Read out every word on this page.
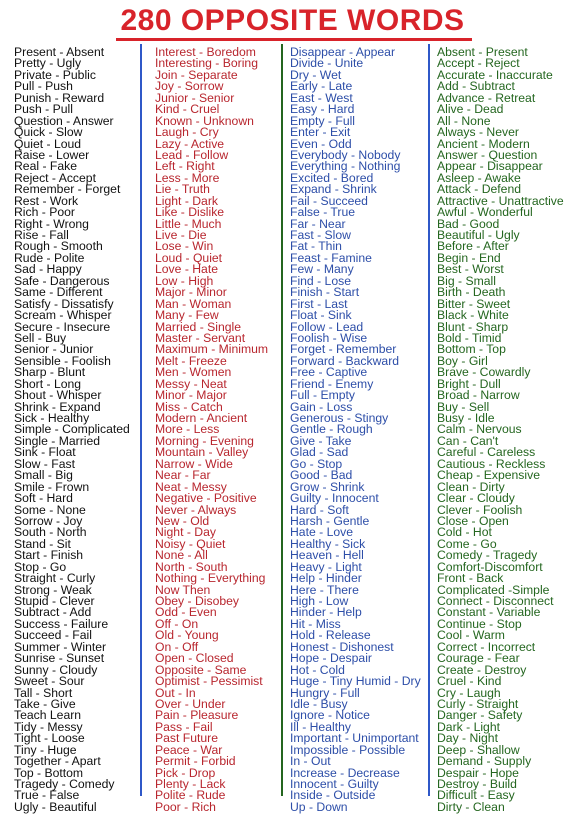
280 OPPOSITE WORDS
Present - Absent
Pretty - Ugly
Private - Public
Pull - Push
Punish - Reward
Push - Pull
Question - Answer
Quick - Slow
Quiet - Loud
Raise - Lower
Real - Fake
Reject - Accept
Remember - Forget
Rest - Work
Rich - Poor
Right - Wrong
Rise - Fall
Rough - Smooth
Rude - Polite
Sad - Happy
Safe - Dangerous
Same - Different
Satisfy - Dissatisfy
Scream - Whisper
Secure - Insecure
Sell - Buy
Senior - Junior
Sensible - Foolish
Sharp - Blunt
Short - Long
Shout - Whisper
Shrink - Expand
Sick - Healthy
Simple - Complicated
Single - Married
Sink - Float
Slow - Fast
Small - Big
Smile - Frown
Soft - Hard
Some - None
Sorrow - Joy
South - North
Stand - Sit
Start - Finish
Stop - Go
Straight - Curly
Strong - Weak
Stupid - Clever
Subtract - Add
Success - Failure
Succeed - Fail
Summer - Winter
Sunrise - Sunset
Sunny - Cloudy
Sweet - Sour
Tall - Short
Take - Give
Teach Learn
Tidy - Messy
Tight - Loose
Tiny - Huge
Together - Apart
Top - Bottom
Tragedy - Comedy
True - False
Ugly - Beautiful
Interest - Boredom
Interesting - Boring
Join - Separate
Joy - Sorrow
Junior - Senior
Kind - Cruel
Known - Unknown
Laugh - Cry
Lazy - Active
Lead - Follow
Left - Right
Less - More
Lie - Truth
Light - Dark
Like - Dislike
Little - Much
Live - Die
Lose - Win
Loud - Quiet
Love - Hate
Low - High
Major - Minor
Man - Woman
Many - Few
Married - Single
Master - Servant
Maximum - Minimum
Melt - Freeze
Men - Women
Messy - Neat
Minor - Major
Miss - Catch
Modern - Ancient
More - Less
Morning - Evening
Mountain - Valley
Narrow - Wide
Near - Far
Neat - Messy
Negative - Positive
Never - Always
New - Old
Night - Day
Noisy - Quiet
None - All
North - South
Nothing - Everything
Now Then
Obey - Disobey
Odd - Even
Off - On
Old - Young
On - Off
Open - Closed
Opposite - Same
Optimist - Pessimist
Out - In
Over - Under
Pain - Pleasure
Pass - Fail
Past Future
Peace - War
Permit - Forbid
Pick - Drop
Plenty - Lack
Polite - Rude
Poor - Rich
Disappear - Appear
Divide - Unite
Dry - Wet
Early - Late
East - West
Easy - Hard
Empty - Full
Enter - Exit
Even - Odd
Everybody - Nobody
Everything - Nothing
Excited - Bored
Expand - Shrink
Fail - Succeed
False - True
Far - Near
Fast - Slow
Fat - Thin
Feast - Famine
Few - Many
Find - Lose
Finish - Start
First - Last
Float - Sink
Follow - Lead
Foolish - Wise
Forget - Remember
Forward - Backward
Free - Captive
Friend - Enemy
Full - Empty
Gain - Loss
Generous - Stingy
Gentle - Rough
Give - Take
Glad - Sad
Go - Stop
Good - Bad
Grow - Shrink
Guilty - Innocent
Hard - Soft
Harsh - Gentle
Hate - Love
Healthy - Sick
Heaven - Hell
Heavy - Light
Help - Hinder
Here - There
High - Low
Hinder - Help
Hit - Miss
Hold - Release
Honest - Dishonest
Hope - Despair
Hot - Cold
Huge - Tiny Humid - Dry
Hungry - Full
Idle - Busy
Ignore - Notice
Ill - Healthy
Important - Unimportant
Impossible - Possible
In - Out
Increase - Decrease
Innocent - Guilty
Inside - Outside
Up - Down
Absent - Present
Accept - Reject
Accurate - Inaccurate
Add - Subtract
Advance - Retreat
Alive - Dead
All - None
Always - Never
Ancient - Modern
Answer - Question
Appear - Disappear
Asleep - Awake
Attack - Defend
Attractive - Unattractive
Awful - Wonderful
Bad - Good
Beautiful - Ugly
Before - After
Begin - End
Best - Worst
Big - Small
Birth - Death
Bitter - Sweet
Black - White
Blunt - Sharp
Bold - Timid
Bottom - Top
Boy - Girl
Brave - Cowardly
Bright - Dull
Broad - Narrow
Buy - Sell
Busy - Idle
Calm - Nervous
Can - Can't
Careful - Careless
Cautious - Reckless
Cheap - Expensive
Clean - Dirty
Clear - Cloudy
Clever - Foolish
Close - Open
Cold - Hot
Come - Go
Comedy - Tragedy
Comfort-Discomfort
Front - Back
Complicated -Simple
Connect - Disconnect
Constant - Variable
Continue - Stop
Cool - Warm
Correct - Incorrect
Courage - Fear
Create - Destroy
Cruel - Kind
Cry - Laugh
Curly - Straight
Danger - Safety
Dark - Light
Day - Night
Deep - Shallow
Demand - Supply
Despair - Hope
Destroy - Build
Difficult - Easy
Dirty - Clean
